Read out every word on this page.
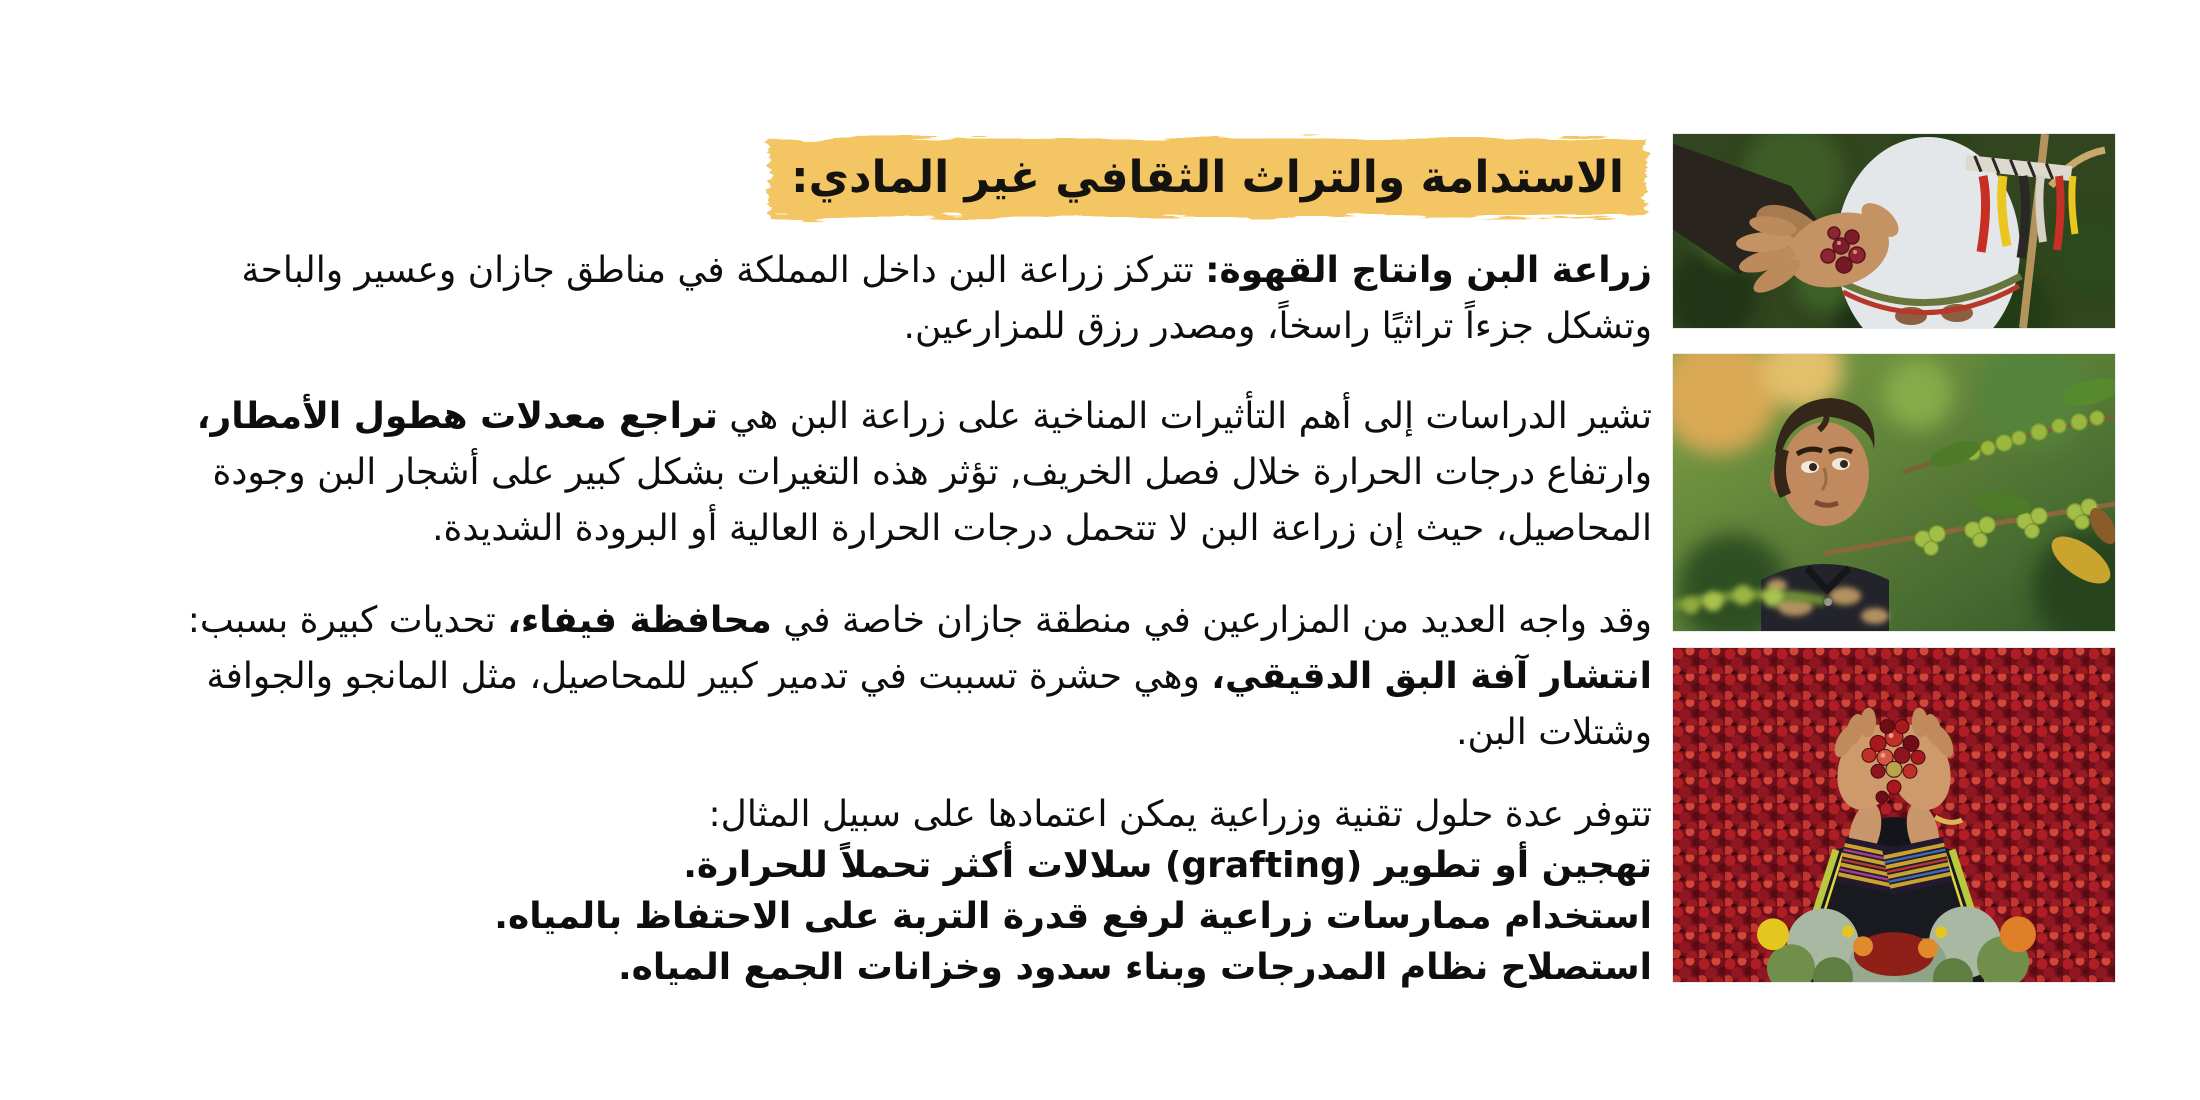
الاستدامة والتراث الثقافي غير المادي:
زراعة البن وانتاج القهوة: تتركز زراعة البن داخل المملكة في مناطق جازان وعسير والباحة
وتشكل جزءاً تراثيًا راسخاً، ومصدر رزق للمزارعين.
تشير الدراسات إلى أهم التأثيرات المناخية على زراعة البن هي تراجع معدلات هطول الأمطار،
وارتفاع درجات الحرارة خلال فصل الخريف, تؤثر هذه التغيرات بشكل كبير على أشجار البن وجودة
المحاصيل، حيث إن زراعة البن لا تتحمل درجات الحرارة العالية أو البرودة الشديدة.
وقد واجه العديد من المزارعين في منطقة جازان خاصة في محافظة فيفاء، تحديات كبيرة بسبب:
انتشار آفة البق الدقيقي، وهي حشرة تسببت في تدمير كبير للمحاصيل، مثل المانجو والجوافة
وشتلات البن.
تتوفر عدة حلول تقنية وزراعية يمكن اعتمادها على سبيل المثال:
تهجين أو تطوير (grafting) سلالات أكثر تحملاً للحرارة.
استخدام ممارسات زراعية لرفع قدرة التربة على الاحتفاظ بالمياه.
استصلاح نظام المدرجات وبناء سدود وخزانات الجمع المياه.
